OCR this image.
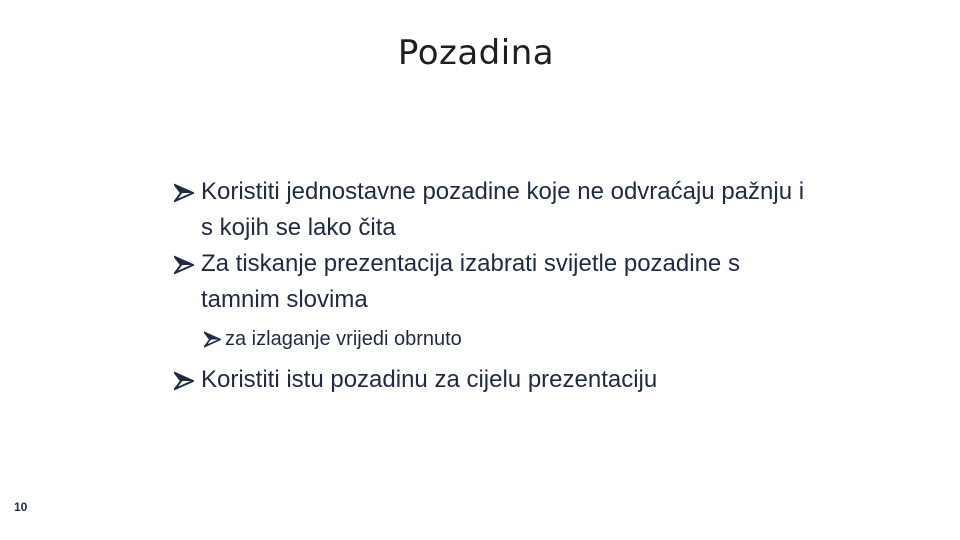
Pozadina
Koristiti jednostavne pozadine koje ne odvraćaju pažnju i s kojih se lako čita
Za tiskanje prezentacija izabrati svijetle pozadine s tamnim slovima
za izlaganje vrijedi obrnuto
Koristiti istu pozadinu za cijelu prezentaciju
10
